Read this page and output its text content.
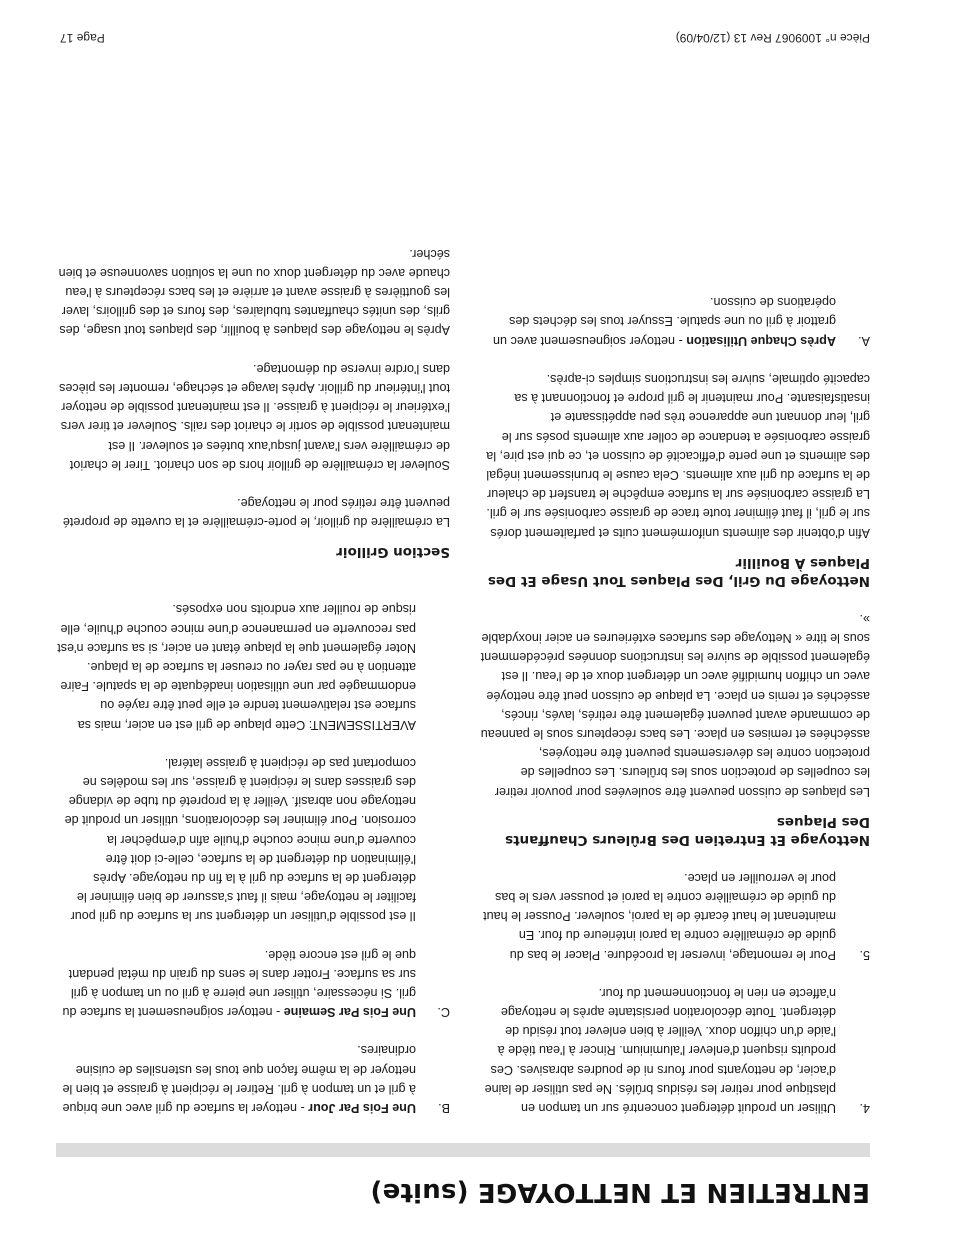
ENTRETIEN ET NETTOYAGE (suite)
4.
Utiliser un produit détergent concentré sur un tampon en plastique pour retirer les résidus brûlés. Ne pas utiliser de laine d'acier, de nettoyants pour fours ni de poudres abrasives. Ces produits risquent d'enlever l'aluminium. Rincer à l'eau tiède à l'aide d'un chiffon doux. Veiller à bien enlever tout résidu de détergent. Toute décoloration persistante après le nettoyage n'affecte en rien le fonctionnement du four.
5.
Pour le remontage, inverser la procédure. Placer le bas du guide de crémaillère contre la paroi intérieure du four. En maintenant le haut écarté de la paroi, soulever. Pousser le haut du guide de crémaillère contre la paroi et pousser vers le bas pour le verrouiller en place.
Nettoyage Et Entretien Des Brûleurs Chauffants Des Plaques

Les plaques de cuisson peuvent être soulevées pour pouvoir retirer les coupelles de protection sous les brûleurs. Les coupelles de protection contre les déversements peuvent être nettoyées, asséchées et remises en place. Les bacs récepteurs sous le panneau de commande avant peuvent également être retirés, lavés, rincés, asséchés et remis en place. La plaque de cuisson peut être nettoyée avec un chiffon humidifié avec un détergent doux et de l'eau. Il est également possible de suivre les instructions données précédemment sous le titre « Nettoyage des surfaces extérieures en acier inoxydable ».

Nettoyage Du Gril, Des Plaques Tout Usage Et Des Plaques À Bouillir

Afin d'obtenir des aliments uniformément cuits et parfaitement dorés sur le gril, il faut éliminer toute trace de graisse carbonisée sur le gril. La graisse carbonisée sur la surface empêche le transfert de chaleur de la surface du gril aux aliments. Cela cause le brunissement inégal des aliments et une perte d'efficacité de cuisson et, ce qui est pire, la graisse carbonisée a tendance de coller aux aliments posés sur le gril, leur donnant une apparence très peu appétissante et insatisfaisante. Pour maintenir le gril propre et fonctionnant à sa capacité optimale, suivre les instructions simples ci-après.

A.
Après Chaque Utilisation - nettoyer soigneusement avec un grattoir à gril ou une spatule. Essuyer tous les déchets des opérations de cuisson.
B.
Une Fois Par Jour - nettoyer la surface du gril avec une brique à gril et un tampon à gril. Retirer le récipient à graisse et bien le nettoyer de la même façon que tous les ustensiles de cuisine ordinaires.
C.

Une Fois Par Semaine - nettoyer soigneusement la surface du gril. Si nécessaire, utiliser une pierre à gril ou un tampon à gril sur sa surface. Frotter dans le sens du grain du métal pendant que le gril est encore tiède.

Il est possible d'utiliser un détergent sur la surface du gril pour faciliter le nettoyage, mais il faut s'assurer de bien éliminer le détergent de la surface du gril à la fin du nettoyage. Après l'élimination du détergent de la surface, celle-ci doit être couverte d'une mince couche d'huile afin d'empêcher la corrosion. Pour éliminer les décolorations, utiliser un produit de nettoyage non abrasif. Veiller à la propreté du tube de vidange des graisses dans le récipient à graisse, sur les modèles ne comportant pas de récipient à graisse latéral.

AVERTISSEMENT: Cette plaque de gril est en acier, mais sa surface est relativement tendre et elle peut être rayée ou endommagée par une utilisation inadéquate de la spatule. Faire attention à ne pas rayer ou creuser la surface de la plaque. Noter également que la plaque étant en acier, si sa surface n'est pas recouverte en permanence d'une mince couche d'huile, elle risque de rouiller aux endroits non exposés.

Section Grilloir

La crémaillère du grilloir, le porte-crémaillère et la cuvette de propreté peuvent être retirés pour le nettoyage.

Soulever la crémaillère de grilloir hors de son chariot. Tirer le chariot de crémaillère vers l'avant jusqu'aux butées et soulever. Il est maintenant possible de sortir le chariot des rails. Soulever et tirer vers l'extérieur le récipient à graisse. Il est maintenant possible de nettoyer tout l'intérieur du grilloir. Après lavage et séchage, remonter les pièces dans l'ordre inverse du démontage.

Après le nettoyage des plaques à bouillir, des plaques tout usage, des grils, des unités chauffantes tubulaires, des fours et des grilloirs, laver les gouttières à graisse avant et arrière et les bacs récepteurs à l'eau chaude avec du détergent doux ou une la solution savonneuse et bien sécher.

Pièce n° 1009067 Rev 13 (12/04/09)
Page 17
